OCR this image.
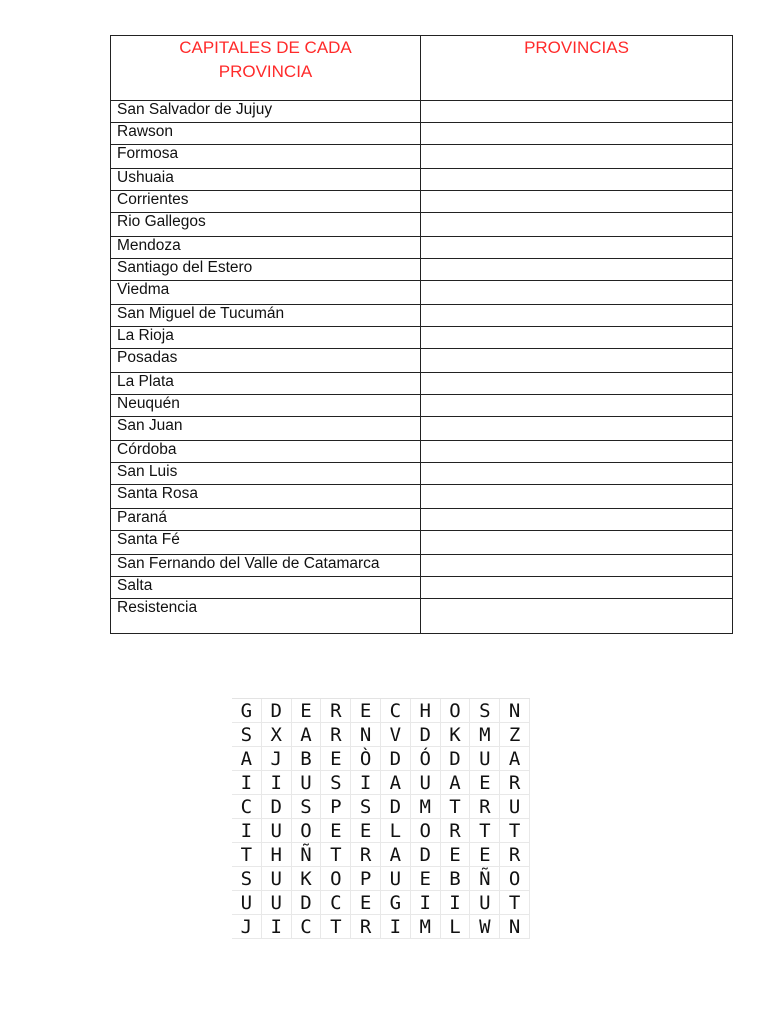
CAPITALES DE CADA
PROVINCIA	PROVINCIAS
San Salvador de Jujuy	
Rawson	
Formosa	
Ushuaia	
Corrientes	
Rio Gallegos	
Mendoza	
Santiago del Estero	
Viedma	
San Miguel de Tucumán	
La Rioja	
Posadas	
La Plata	
Neuquén	
San Juan	
Córdoba	
San Luis	
Santa Rosa	
Paraná	
Santa Fé	
San Fernando del Valle de Catamarca	
Salta	
Resistencia	
G D E R E C H O S N
S X A R N V D K M Z
A J B E Ò D Ó D U A
I I U S I A U A E R
C D S P S D M T R U
I U O E E L O R T T
T H Ñ T R A D E E R
S U K O P U E B Ñ O
U U D C E G I I U T
J I C T R I M L W N
